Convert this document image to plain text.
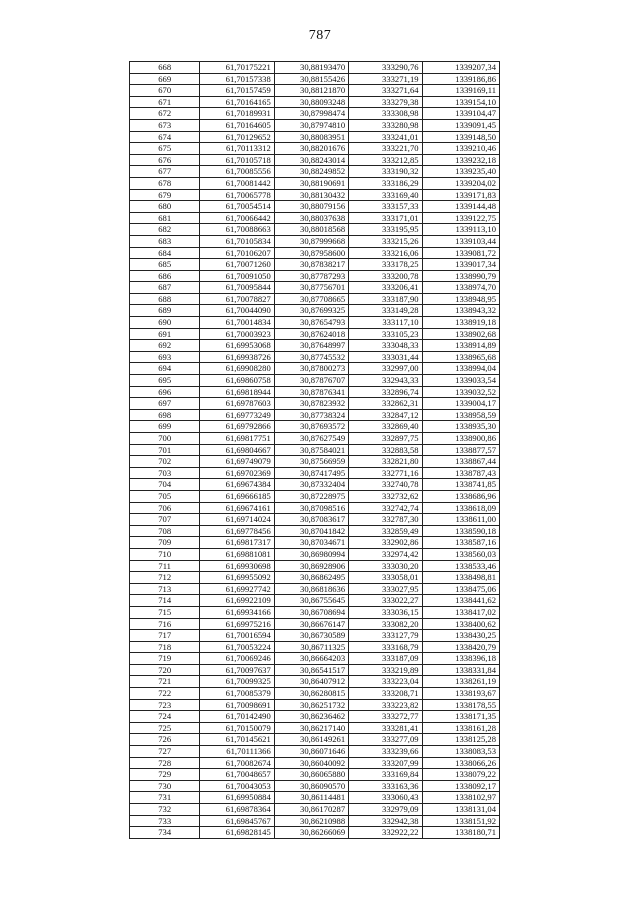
787
668	61,70175221	30,88193470	333290,76	1339207,34
669	61,70157338	30,88155426	333271,19	1339186,86
670	61,70157459	30,88121870	333271,64	1339169,11
671	61,70164165	30,88093248	333279,38	1339154,10
672	61,70189931	30,87998474	333308,98	1339104,47
673	61,70164605	30,87974810	333280,98	1339091,45
674	61,70129652	30,88083951	333241,01	1339148,50
675	61,70113312	30,88201676	333221,70	1339210,46
676	61,70105718	30,88243014	333212,85	1339232,18
677	61,70085556	30,88249852	333190,32	1339235,40
678	61,70081442	30,88190691	333186,29	1339204,02
679	61,70065778	30,88130432	333169,40	1339171,83
680	61,70054514	30,88079156	333157,33	1339144,48
681	61,70066442	30,88037638	333171,01	1339122,75
682	61,70088663	30,88018568	333195,95	1339113,10
683	61,70105834	30,87999668	333215,26	1339103,44
684	61,70106207	30,87958600	333216,06	1339081,72
685	61,70071260	30,87838217	333178,25	1339017,34
686	61,70091050	30,87787293	333200,78	1338990,79
687	61,70095844	30,87756701	333206,41	1338974,70
688	61,70078827	30,87708665	333187,90	1338948,95
689	61,70044090	30,87699325	333149,28	1338943,32
690	61,70014834	30,87654793	333117,10	1338919,18
691	61,70003923	30,87624018	333105,23	1338902,68
692	61,69953068	30,87648997	333048,33	1338914,89
693	61,69938726	30,87745532	333031,44	1338965,68
694	61,69908280	30,87800273	332997,00	1338994,04
695	61,69860758	30,87876707	332943,33	1339033,54
696	61,69818944	30,87876341	332896,74	1339032,52
697	61,69787603	30,87823932	332862,31	1339004,17
698	61,69773249	30,87738324	332847,12	1338958,59
699	61,69792866	30,87693572	332869,40	1338935,30
700	61,69817751	30,87627549	332897,75	1338900,86
701	61,69804667	30,87584021	332883,58	1338877,57
702	61,69749079	30,87566959	332821,80	1338867,44
703	61,69702369	30,87417495	332771,16	1338787,43
704	61,69674384	30,87332404	332740,78	1338741,85
705	61,69666185	30,87228975	332732,62	1338686,96
706	61,69674161	30,87098516	332742,74	1338618,09
707	61,69714024	30,87083617	332787,30	1338611,00
708	61,69778456	30,87041842	332859,49	1338590,18
709	61,69817317	30,87034671	332902,86	1338587,16
710	61,69881081	30,86980994	332974,42	1338560,03
711	61,69930698	30,86928906	333030,20	1338533,46
712	61,69955092	30,86862495	333058,01	1338498,81
713	61,69927742	30,86818636	333027,95	1338475,06
714	61,69922109	30,86755645	333022,27	1338441,62
715	61,69934166	30,86708694	333036,15	1338417,02
716	61,69975216	30,86676147	333082,20	1338400,62
717	61,70016594	30,86730589	333127,79	1338430,25
718	61,70053224	30,86711325	333168,79	1338420,79
719	61,70069246	30,86664203	333187,09	1338396,18
720	61,70097637	30,86541517	333219,89	1338331,84
721	61,70099325	30,86407912	333223,04	1338261,19
722	61,70085379	30,86280815	333208,71	1338193,67
723	61,70098691	30,86251732	333223,82	1338178,55
724	61,70142490	30,86236462	333272,77	1338171,35
725	61,70150079	30,86217140	333281,41	1338161,28
726	61,70145621	30,86149261	333277,09	1338125,28
727	61,70111366	30,86071646	333239,66	1338083,53
728	61,70082674	30,86040092	333207,99	1338066,26
729	61,70048657	30,86065880	333169,84	1338079,22
730	61,70043053	30,86090570	333163,36	1338092,17
731	61,69950884	30,86114481	333060,43	1338102,97
732	61,69878364	30,86170287	332979,09	1338131,04
733	61,69845767	30,86210988	332942,38	1338151,92
734	61,69828145	30,86266069	332922,22	1338180,71
